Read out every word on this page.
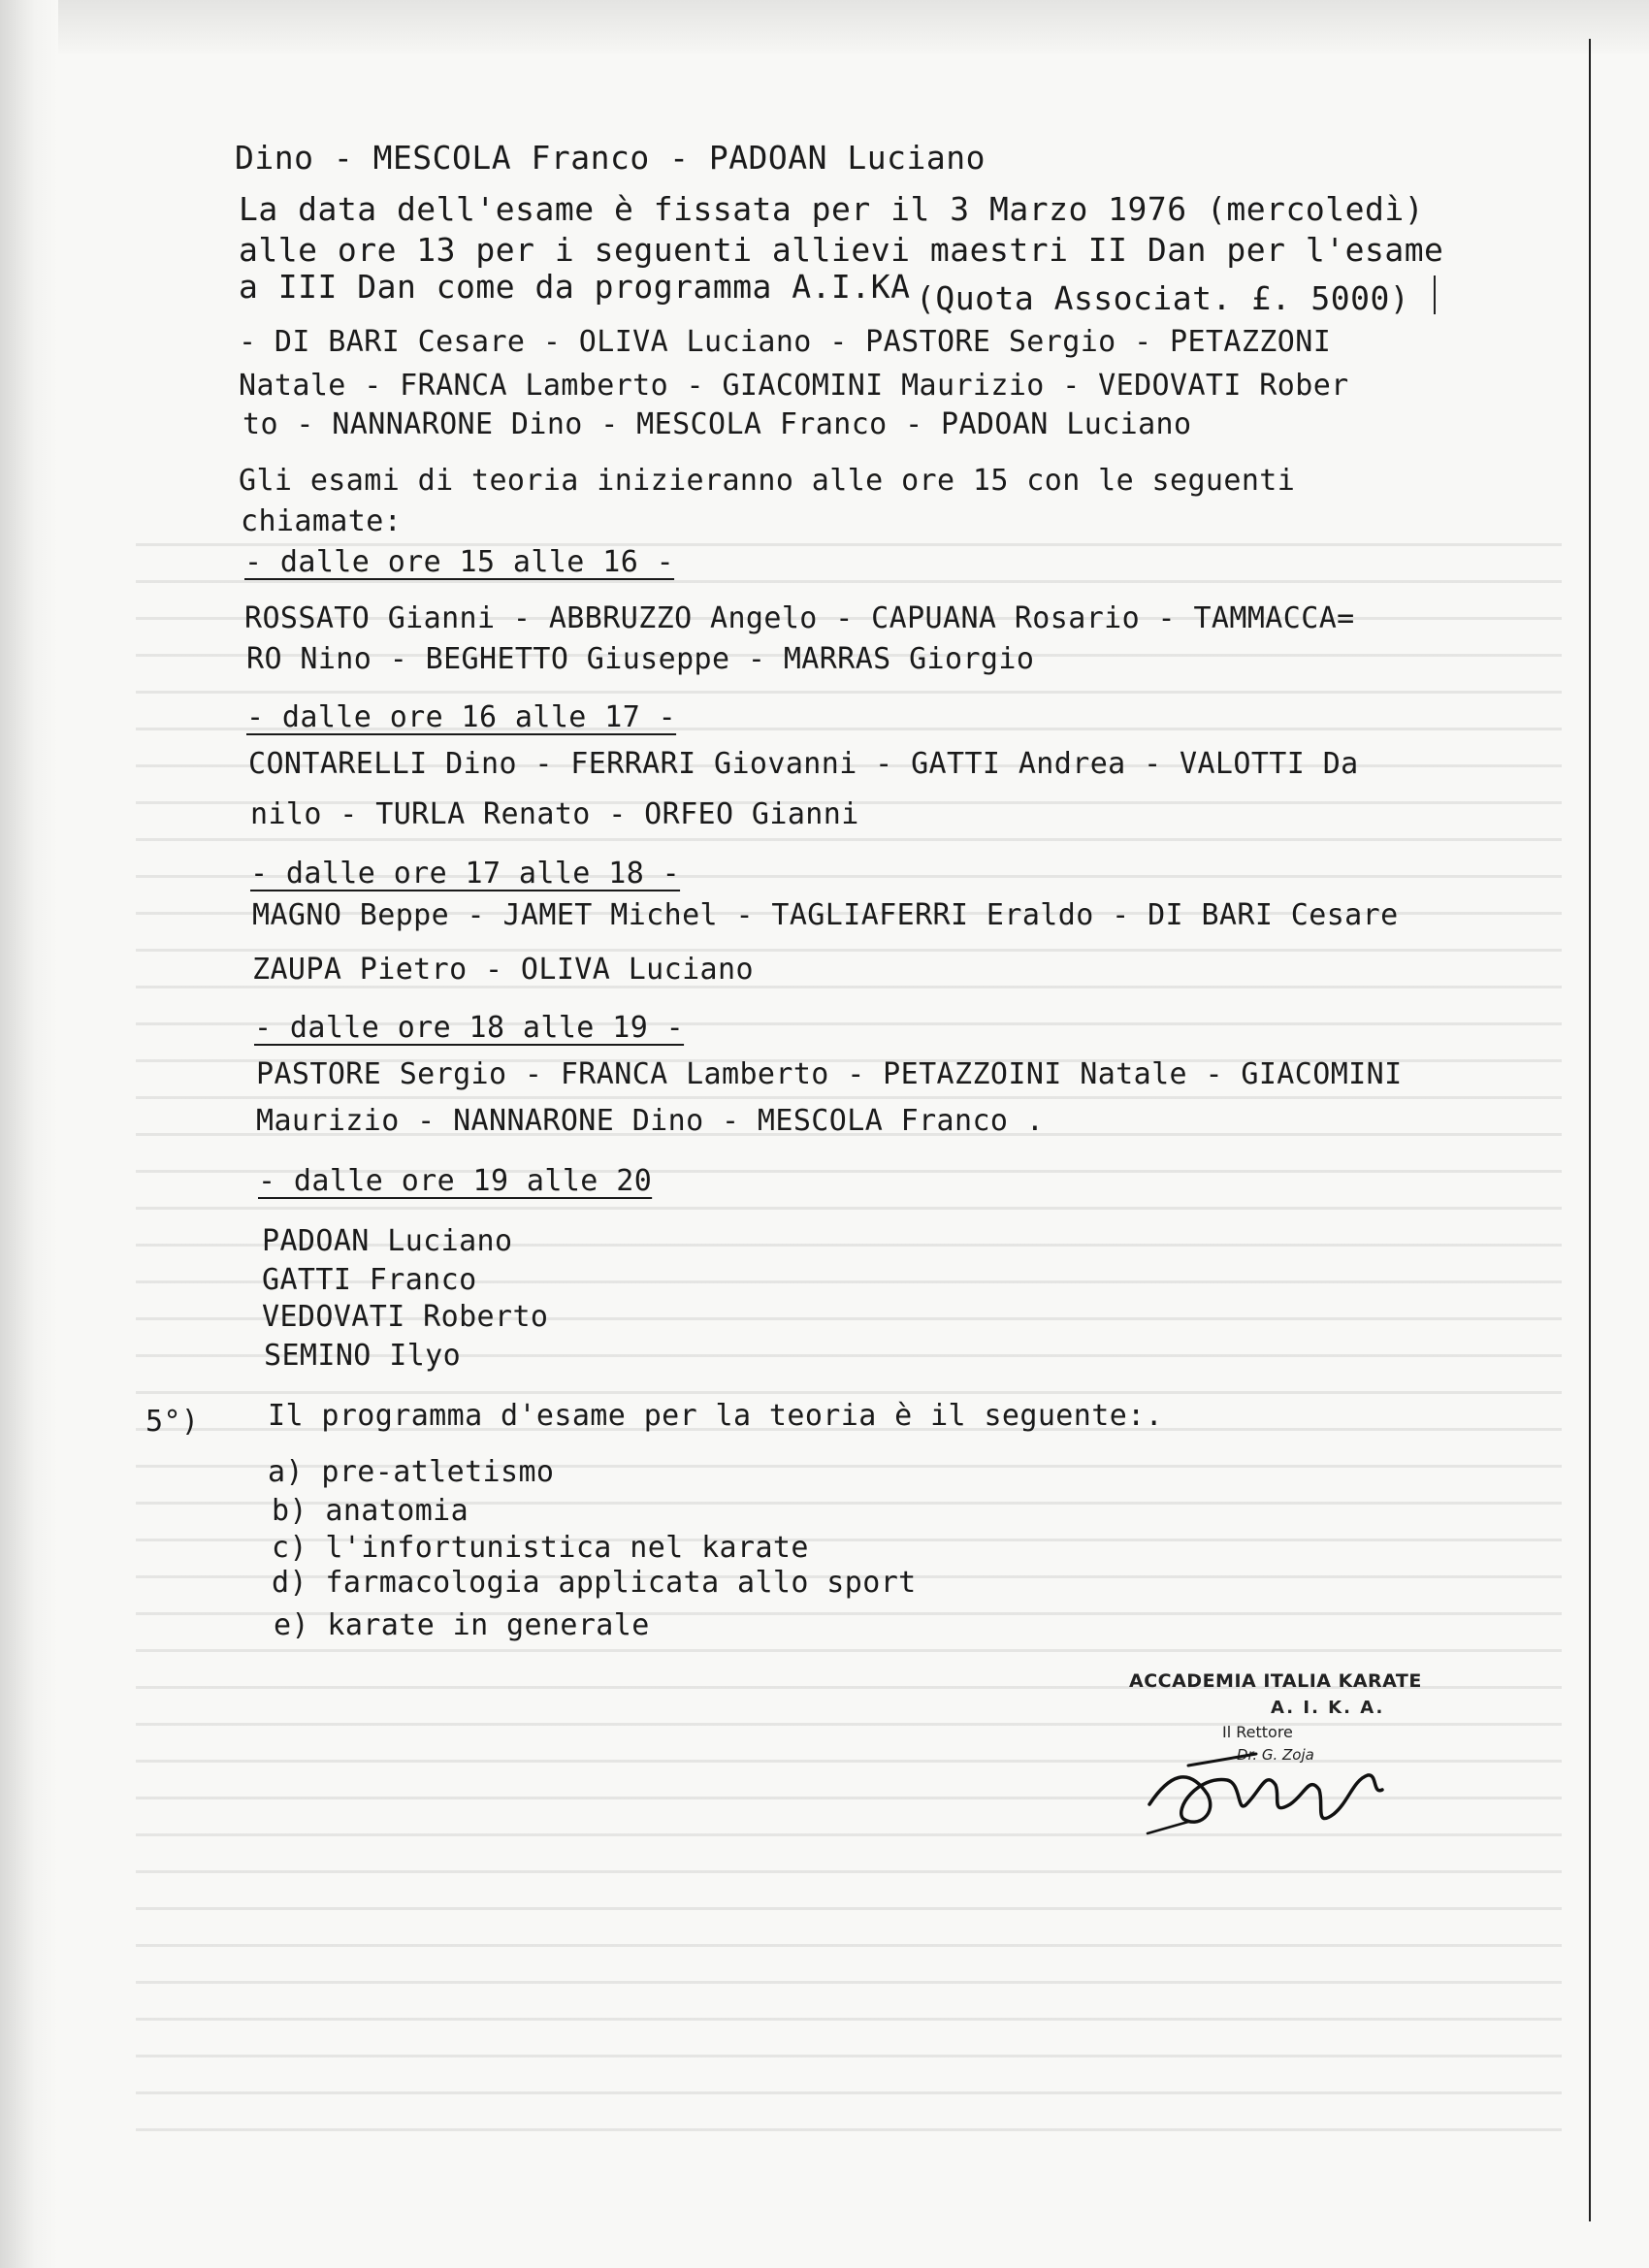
Dino - MESCOLA Franco - PADOAN Luciano
La data dell'esame è fissata per il 3 Marzo 1976 (mercoledì)
alle ore 13 per i seguenti allievi maestri II Dan per l'esame
a III Dan come da programma A.I.KA (Quota Associat. £. 5000)
- DI BARI Cesare - OLIVA Luciano - PASTORE Sergio - PETAZZONI
Natale - FRANCA Lamberto - GIACOMINI Maurizio - VEDOVATI Rober
to - NANNARONE Dino - MESCOLA Franco - PADOAN Luciano
Gli esami di teoria inizieranno alle ore 15 con le seguenti
chiamate:
- dalle ore 15 alle 16 -
ROSSATO Gianni - ABBRUZZO Angelo - CAPUANA Rosario - TAMMACCA=
RO Nino - BEGHETTO Giuseppe - MARRAS Giorgio
- dalle ore 16 alle 17 -
CONTARELLI Dino - FERRARI Giovanni - GATTI Andrea - VALOTTI Da
nilo - TURLA Renato - ORFEO Gianni
- dalle ore 17 alle 18 -
MAGNO Beppe - JAMET Michel - TAGLIAFERRI Eraldo - DI BARI Cesare
ZAUPA Pietro - OLIVA Luciano
- dalle ore 18 alle 19 -
PASTORE Sergio - FRANCA Lamberto - PETAZZOINI Natale - GIACOMINI
Maurizio - NANNARONE Dino - MESCOLA Franco .
- dalle ore 19 alle 20
PADOAN Luciano
GATTI Franco
VEDOVATI Roberto
SEMINO Ilyo
5°) Il programma d'esame per la teoria è il seguente:.
a) pre-atletismo
b) anatomia
c) l'infortunistica nel karate
d) farmacologia applicata allo sport
e) karate in generale
ACCADEMIA ITALIA KARATE
A. I. K. A.
Il Rettore
Dr. G. Zoja
